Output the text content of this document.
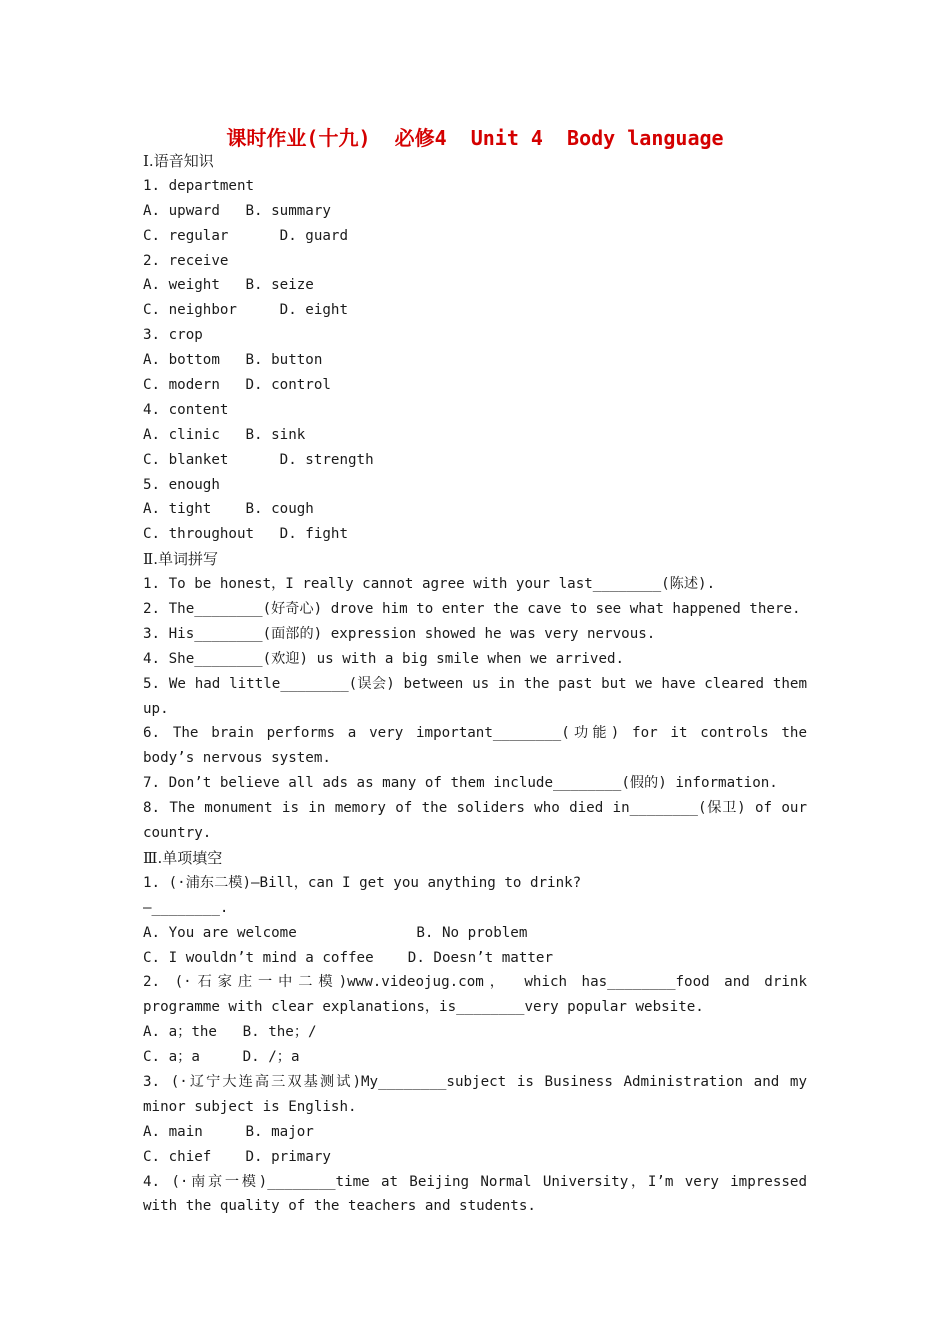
课时作业(十九)  必修4  Unit 4  Body language
Ⅰ.语音知识
1. department
A. upward   B. summary
C. regular      D. guard
2. receive
A. weight   B. seize
C. neighbor     D. eight
3. crop
A. bottom   B. button
C. modern   D. control
4. content
A. clinic   B. sink
C. blanket      D. strength
5. enough
A. tight    B. cough
C. throughout   D. fight
Ⅱ.单词拼写
1. To be honest，I really cannot agree with your last________(陈述).
2. The________(好奇心) drove him to enter the cave to see what happened there.
3. His________(面部的) expression showed he was very nervous.
4. She________(欢迎) us with a big smile when we arrived.
5. We had little________(误会) between us in the past but we have cleared them
up.
6. The brain performs a very important________(功能) for it controls the
body’s nervous system.
7. Don’t believe all ads as many of them include________(假的) information.
8. The monument is in memory of the soliders who died in________(保卫) of our
country.
Ⅲ.单项填空
1. (·浦东二模)—Bill，can I get you anything to drink?
—________.
A. You are welcome              B. No problem
C. I wouldn’t mind a coffee    D. Doesn’t matter
2. (·石家庄一中二模)www.videojug.com， which has________food and drink
programme with clear explanations，is________very popular website.
A. a；the   B. the；/
C. a；a     D. /；a
3. (·辽宁大连高三双基测试)My________subject is Business Administration and my
minor subject is English.
A. main     B. major
C. chief    D. primary
4. (·南京一模)________time at Beijing Normal University，I’m very impressed
with the quality of the teachers and students.
